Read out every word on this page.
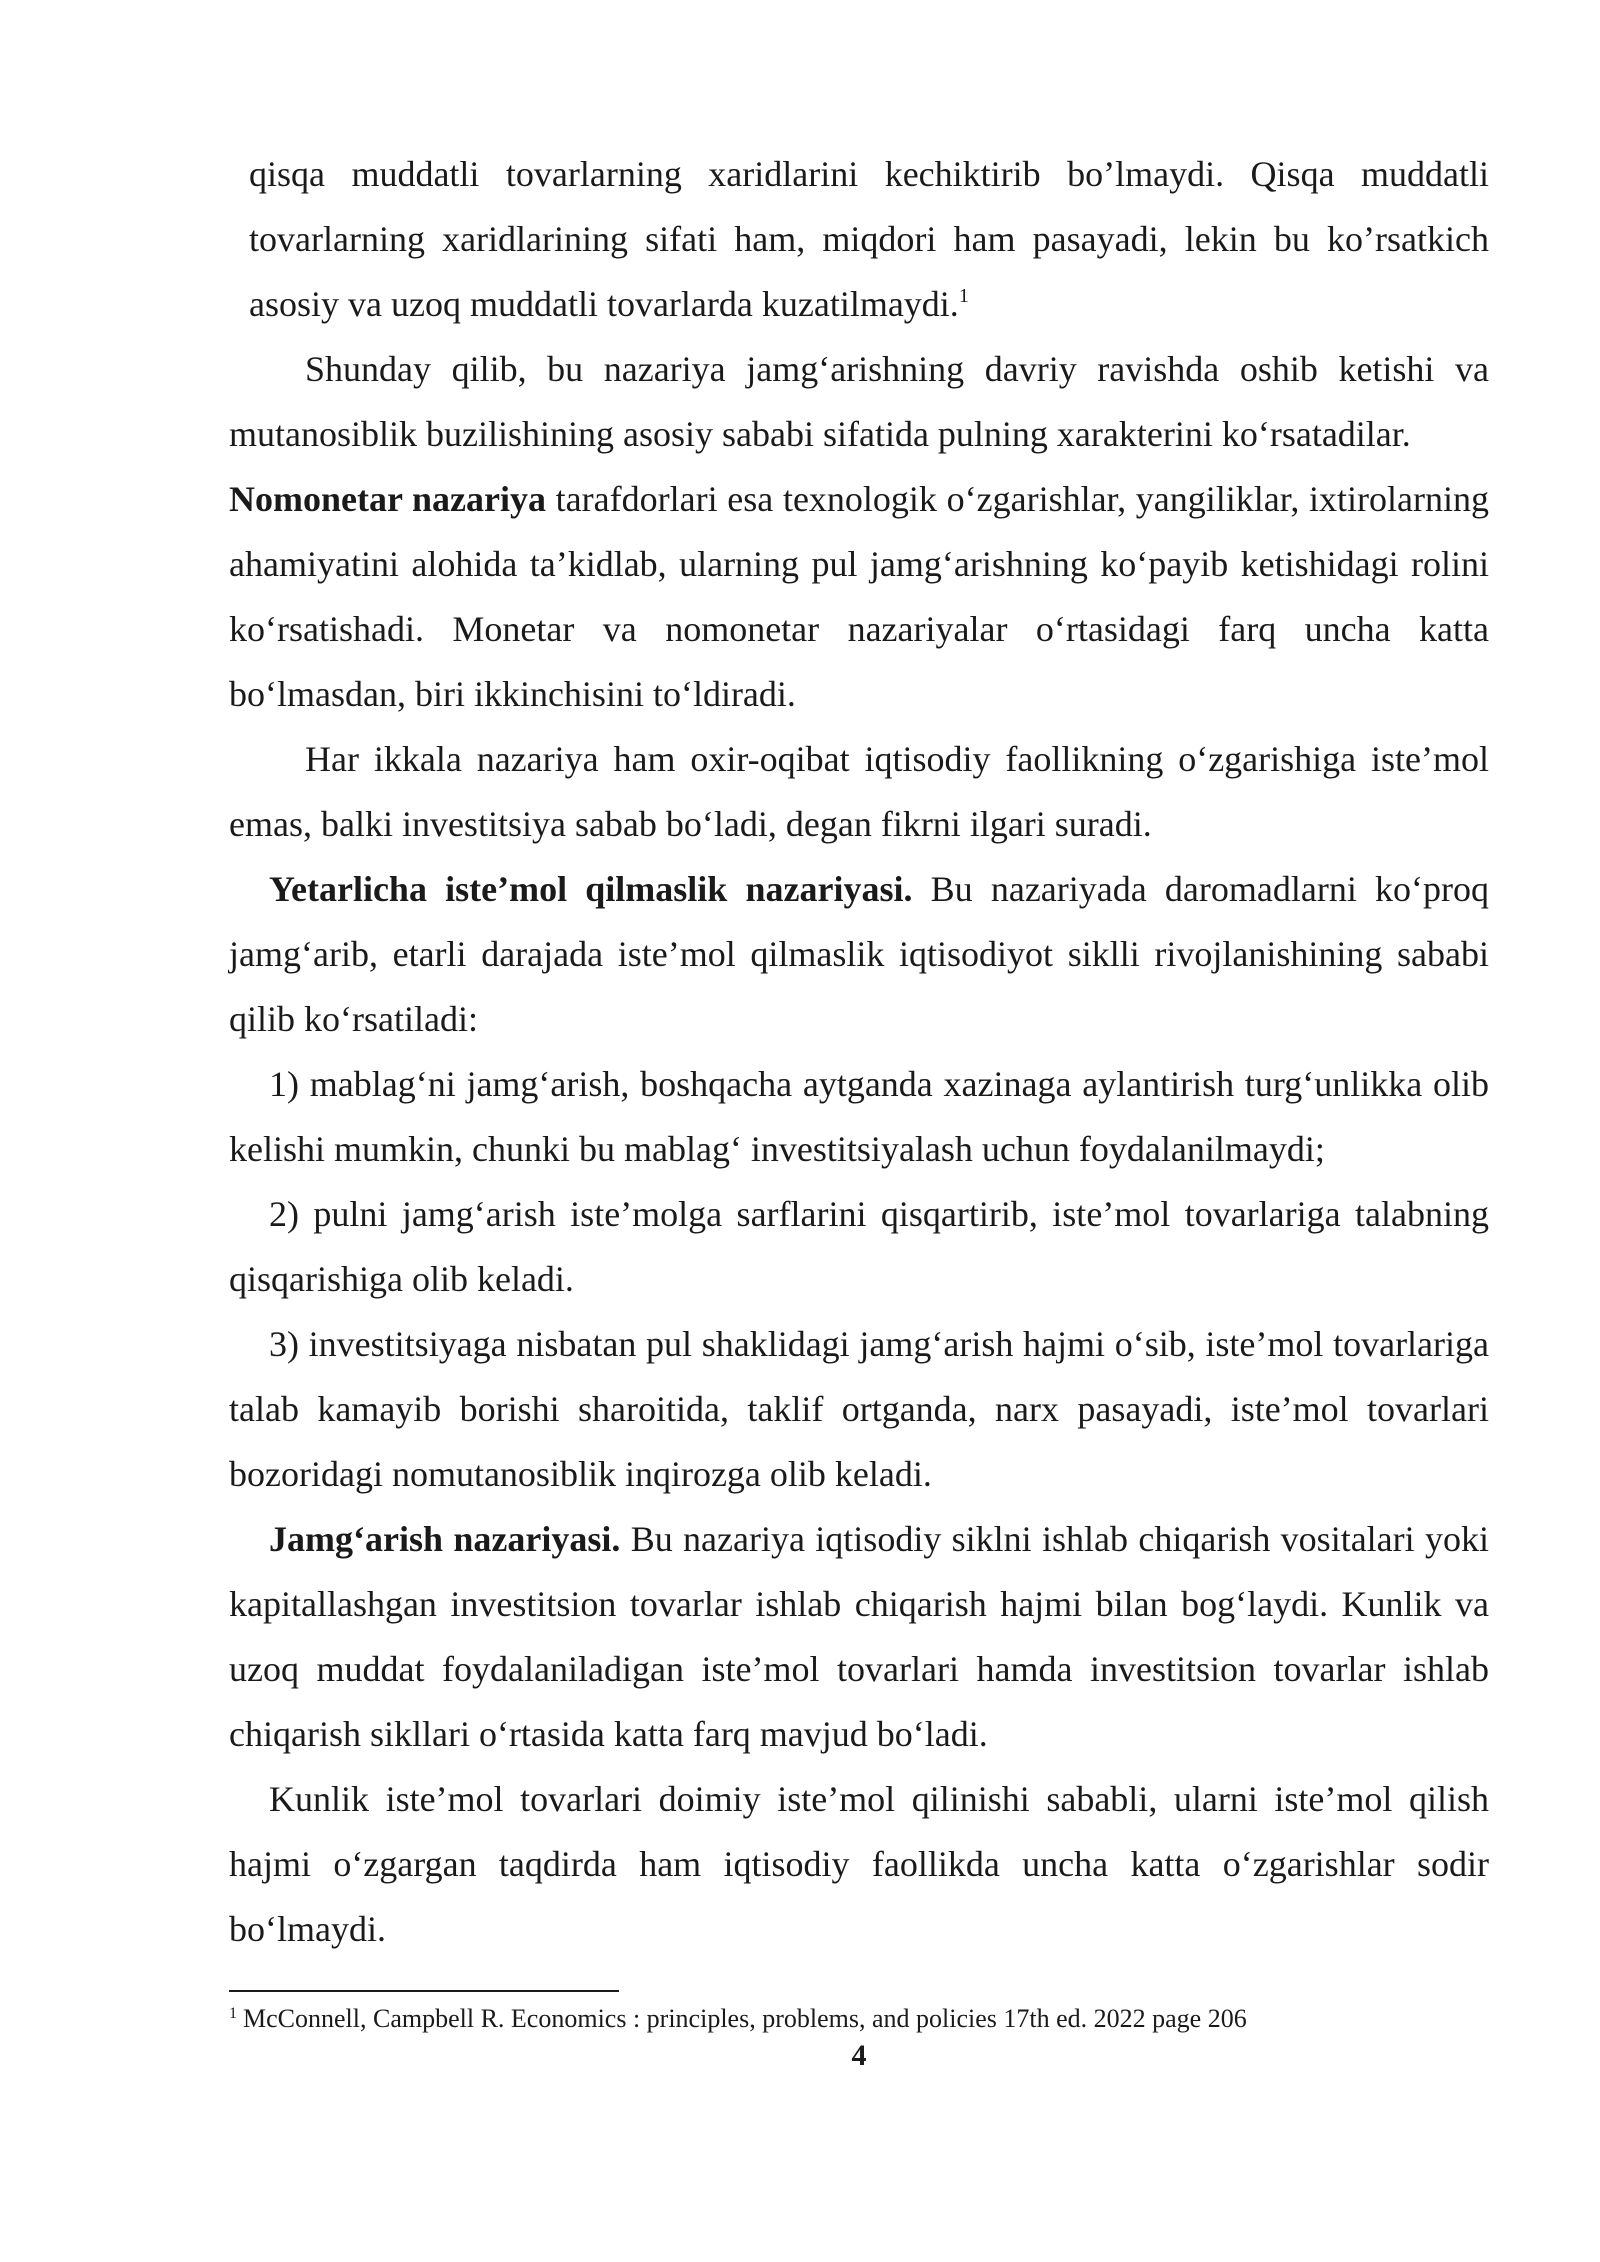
qisqa muddatli tovarlarning xaridlarini kechiktirib bo’lmaydi. Qisqa muddatli tovarlarning xaridlarining sifati ham, miqdori ham pasayadi, lekin bu ko’rsatkich asosiy va uzoq muddatli tovarlarda kuzatilmaydi.$^1$

Shunday qilib, bu nazariya jamg‘arishning davriy ravishda oshib ketishi va mutanosiblik buzilishining asosiy sababi sifatida pulning xarakterini ko‘rsatadilar.

Nomonetar nazariya tarafdorlari esa texnologik o‘zgarishlar, yangiliklar, ixtirolarning ahamiyatini alohida ta’kidlab, ularning pul jamg‘arishning ko‘payib ketishidagi rolini ko‘rsatishadi. Monetar va nomonetar nazariyalar o‘rtasidagi farq uncha katta bo‘lmasdan, biri ikkinchisini to‘ldiradi.

Har ikkala nazariya ham oxir-oqibat iqtisodiy faollikning o‘zgarishiga iste’mol emas, balki investitsiya sabab bo‘ladi, degan fikrni ilgari suradi.

Yetarlicha iste’mol qilmaslik nazariyasi. Bu nazariyada daromadlarni ko‘proq jamg‘arib, etarli darajada iste’mol qilmaslik iqtisodiyot siklli rivojlanishining sababi qilib ko‘rsatiladi:

1) mablag‘ni jamg‘arish, boshqacha aytganda xazinaga aylantirish turg‘unlikka olib kelishi mumkin, chunki bu mablag‘ investitsiyalash uchun foydalanilmaydi;

2) pulni jamg‘arish iste’molga sarflarini qisqartirib, iste’mol tovarlariga talabning qisqarishiga olib keladi.

3) investitsiyaga nisbatan pul shaklidagi jamg‘arish hajmi o‘sib, iste’mol tovarlariga talab kamayib borishi sharoitida, taklif ortganda, narx pasayadi, iste’mol tovarlari bozoridagi nomutanosiblik inqirozga olib keladi.

Jamg‘arish nazariyasi. Bu nazariya iqtisodiy siklni ishlab chiqarish vositalari yoki kapitallashgan investitsion tovarlar ishlab chiqarish hajmi bilan bog‘laydi. Kunlik va uzoq muddat foydalaniladigan iste’mol tovarlari hamda investitsion tovarlar ishlab chiqarish sikllari o‘rtasida katta farq mavjud bo‘ladi.

Kunlik iste’mol tovarlari doimiy iste’mol qilinishi sababli, ularni iste’mol qilish hajmi o‘zgargan taqdirda ham iqtisodiy faollikda uncha katta o‘zgarishlar sodir bo‘lmaydi.

$^1$ McConnell, Campbell R. Economics : principles, problems, and policies 17th ed. 2022 page 206

4
